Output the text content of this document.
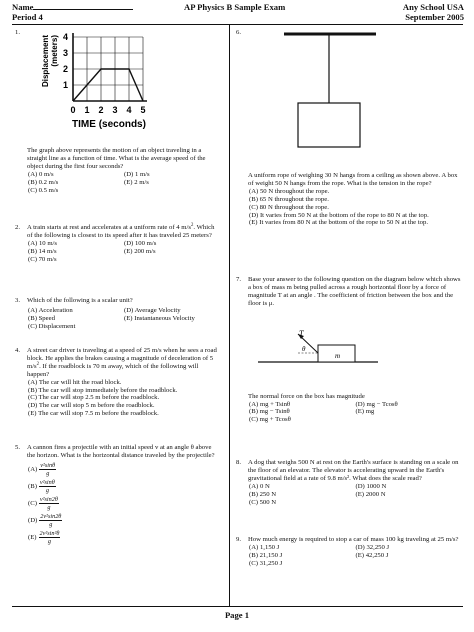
Name	AP Physics B Sample Exam	Any School USA
Period 4	September 2005
1.
Displacement (meters)
1
2
3
4
0 1 2 3 4 5
TIME (seconds)
The graph above represents the motion of an object traveling in a straight line as a function of time. What is the average speed of the object during the first four seconds?
(A) 0 m/s	(D) 1 m/s
(B) 0.2 m/s	(E) 2 m/s
(C) 0.5 m/s
2.	A train starts at rest and accelerates at a uniform rate of 4 $m/s^2$. Which of the following is closest to its speed after it has traveled 25 meters?
(A) 10 m/s	(D) 100 m/s
(B) 14 m/s	(E) 200 m/s
(C) 70 m/s
3.	Which of the following is a scalar unit?
(A) Acceleration	(D) Average Velocity
(B) Speed	(E) Instantaneous Velocity
(C) Displacement
4.	A street car driver is traveling at a speed of 25 m/s when he sees a road block. He applies the brakes causing a magnitude of deceleration of 5 $m/s^2$. If the roadblock is 70 m away, which of the following will happen?
(A) The car will hit the road block.
(B) The car will stop immediately before the roadblock.
(C) The car will stop 2.5 m before the roadblock.
(D) The car will stop 5 m before the roadblock.
(E) The car will stop 7.5 m before the roadblock.
5.	A cannon fires a projectile with an initial speed v at an angle θ above the horizon. What is the horizontal distance traveled by the projectile?
$(A) \frac{\text{v²sinθ}}{g}$
$(B) \frac{\text{v²sinθ}}{g}$
$(C) \frac{\text{v²sin2θ}}{g}$
$(D) \frac{\text{2v²sin2θ}}{g}$
$(E) \frac{\text{2v²sin²θ}}{g}$
6.
A uniform rope of weighing 30 N hangs from a ceiling as shown above. A box of weight 50 N hangs from the rope. What is the tension in the rope?
(A) 50 N throughout the rope.
(B) 65 N throughout the rope.
(C) 80 N throughout the rope.
(D) It varies from 50 N at the bottom of the rope to 80 N at the top.
(E) It varies from 80 N at the bottom of the rope to 50 N at the top.
7.	Base your answer to the following question on the diagram below which shows a box of mass m being pulled across a rough horizontal floor by a force of magnitude T at an angle . The coefficient of friction between the box and the floor is μ.
T
θ
m
The normal force on the box has magnitude
(A) mg + Tsinθ	(D) mg − Tcosθ
(B) mg − Tsinθ	(E) mg
(C) mg + Tcosθ
8.	A dog that weighs 500 N at rest on the Earth's surface is standing on a scale on the floor of an elevator. The elevator is accelerating upward in the Earth's gravitational field at a rate of 9.8 m/s². What does the scale read?
(A) 0 N	(D) 1000 N
(B) 250 N	(E) 2000 N
(C) 500 N
9.	How much energy is required to stop a car of mass 100 kg traveling at 25 m/s?
(A) 1,150 J	(D) 32,250 J
(B) 21,150 J	(E) 42,250 J
(C) 31,250 J
Page 1
